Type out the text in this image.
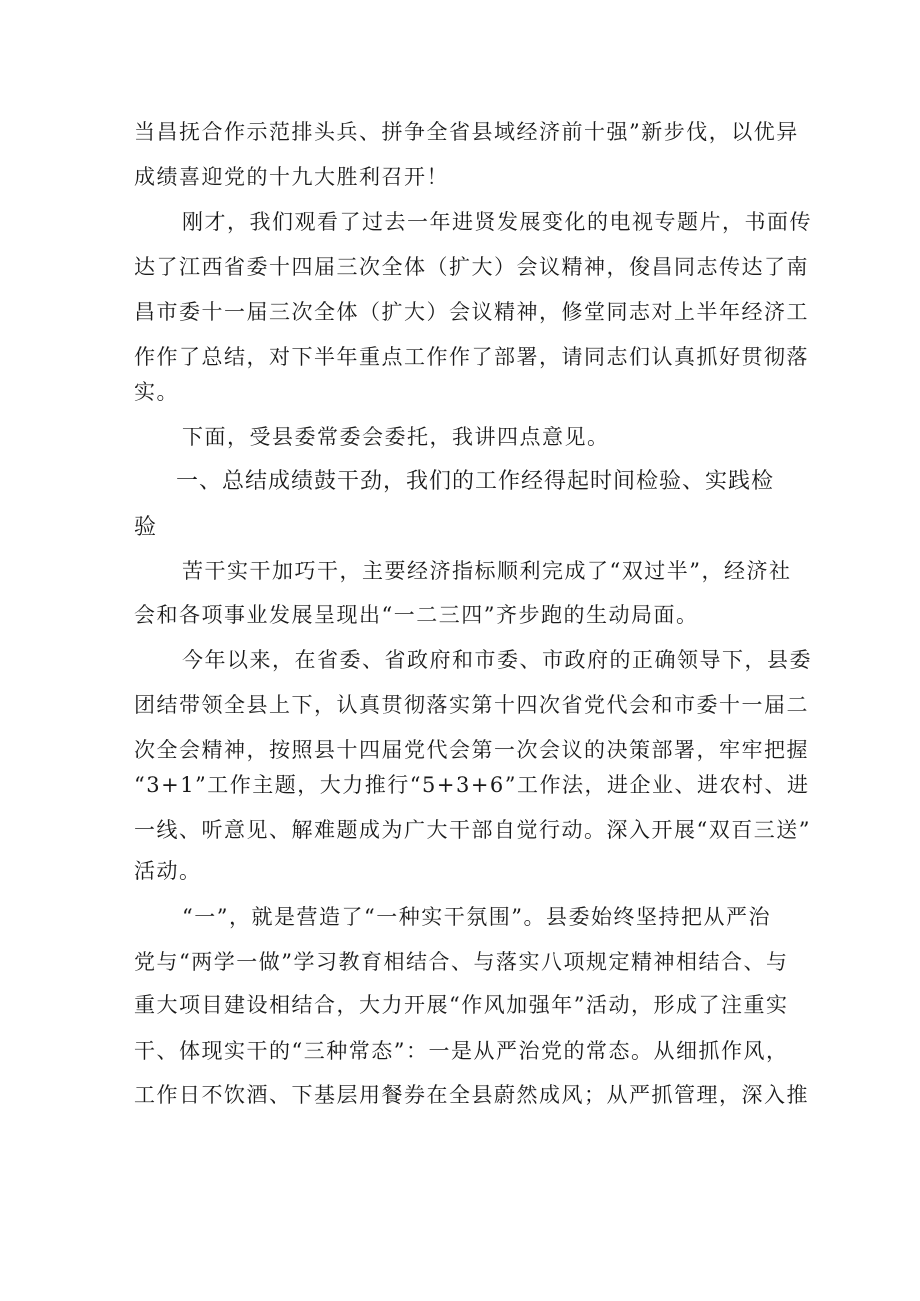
当昌抚合作示范排头兵、拼争全省县域经济前十强”新步伐，以优异
成绩喜迎党的十九大胜利召开！
刚才，我们观看了过去一年进贤发展变化的电视专题片，书面传
达了江西省委十四届三次全体（扩大）会议精神，俊昌同志传达了南
昌市委十一届三次全体（扩大）会议精神，修堂同志对上半年经济工
作作了总结，对下半年重点工作作了部署，请同志们认真抓好贯彻落
实。
下面，受县委常委会委托，我讲四点意见。
一、总结成绩鼓干劲，我们的工作经得起时间检验、实践检
验
苦干实干加巧干，主要经济指标顺利完成了“双过半”，经济社
会和各项事业发展呈现出“一二三四”齐步跑的生动局面。
今年以来，在省委、省政府和市委、市政府的正确领导下，县委
团结带领全县上下，认真贯彻落实第十四次省党代会和市委十一届二
次全会精神，按照县十四届党代会第一次会议的决策部署，牢牢把握
“3+1”工作主题，大力推行“5+3+6”工作法，进企业、进农村、进
一线、听意见、解难题成为广大干部自觉行动。深入开展“双百三送”
活动。
“一”，就是营造了“一种实干氛围”。县委始终坚持把从严治
党与“两学一做”学习教育相结合、与落实八项规定精神相结合、与
重大项目建设相结合，大力开展“作风加强年”活动，形成了注重实
干、体现实干的“三种常态”：一是从严治党的常态。从细抓作风，
工作日不饮酒、下基层用餐券在全县蔚然成风；从严抓管理，深入推
